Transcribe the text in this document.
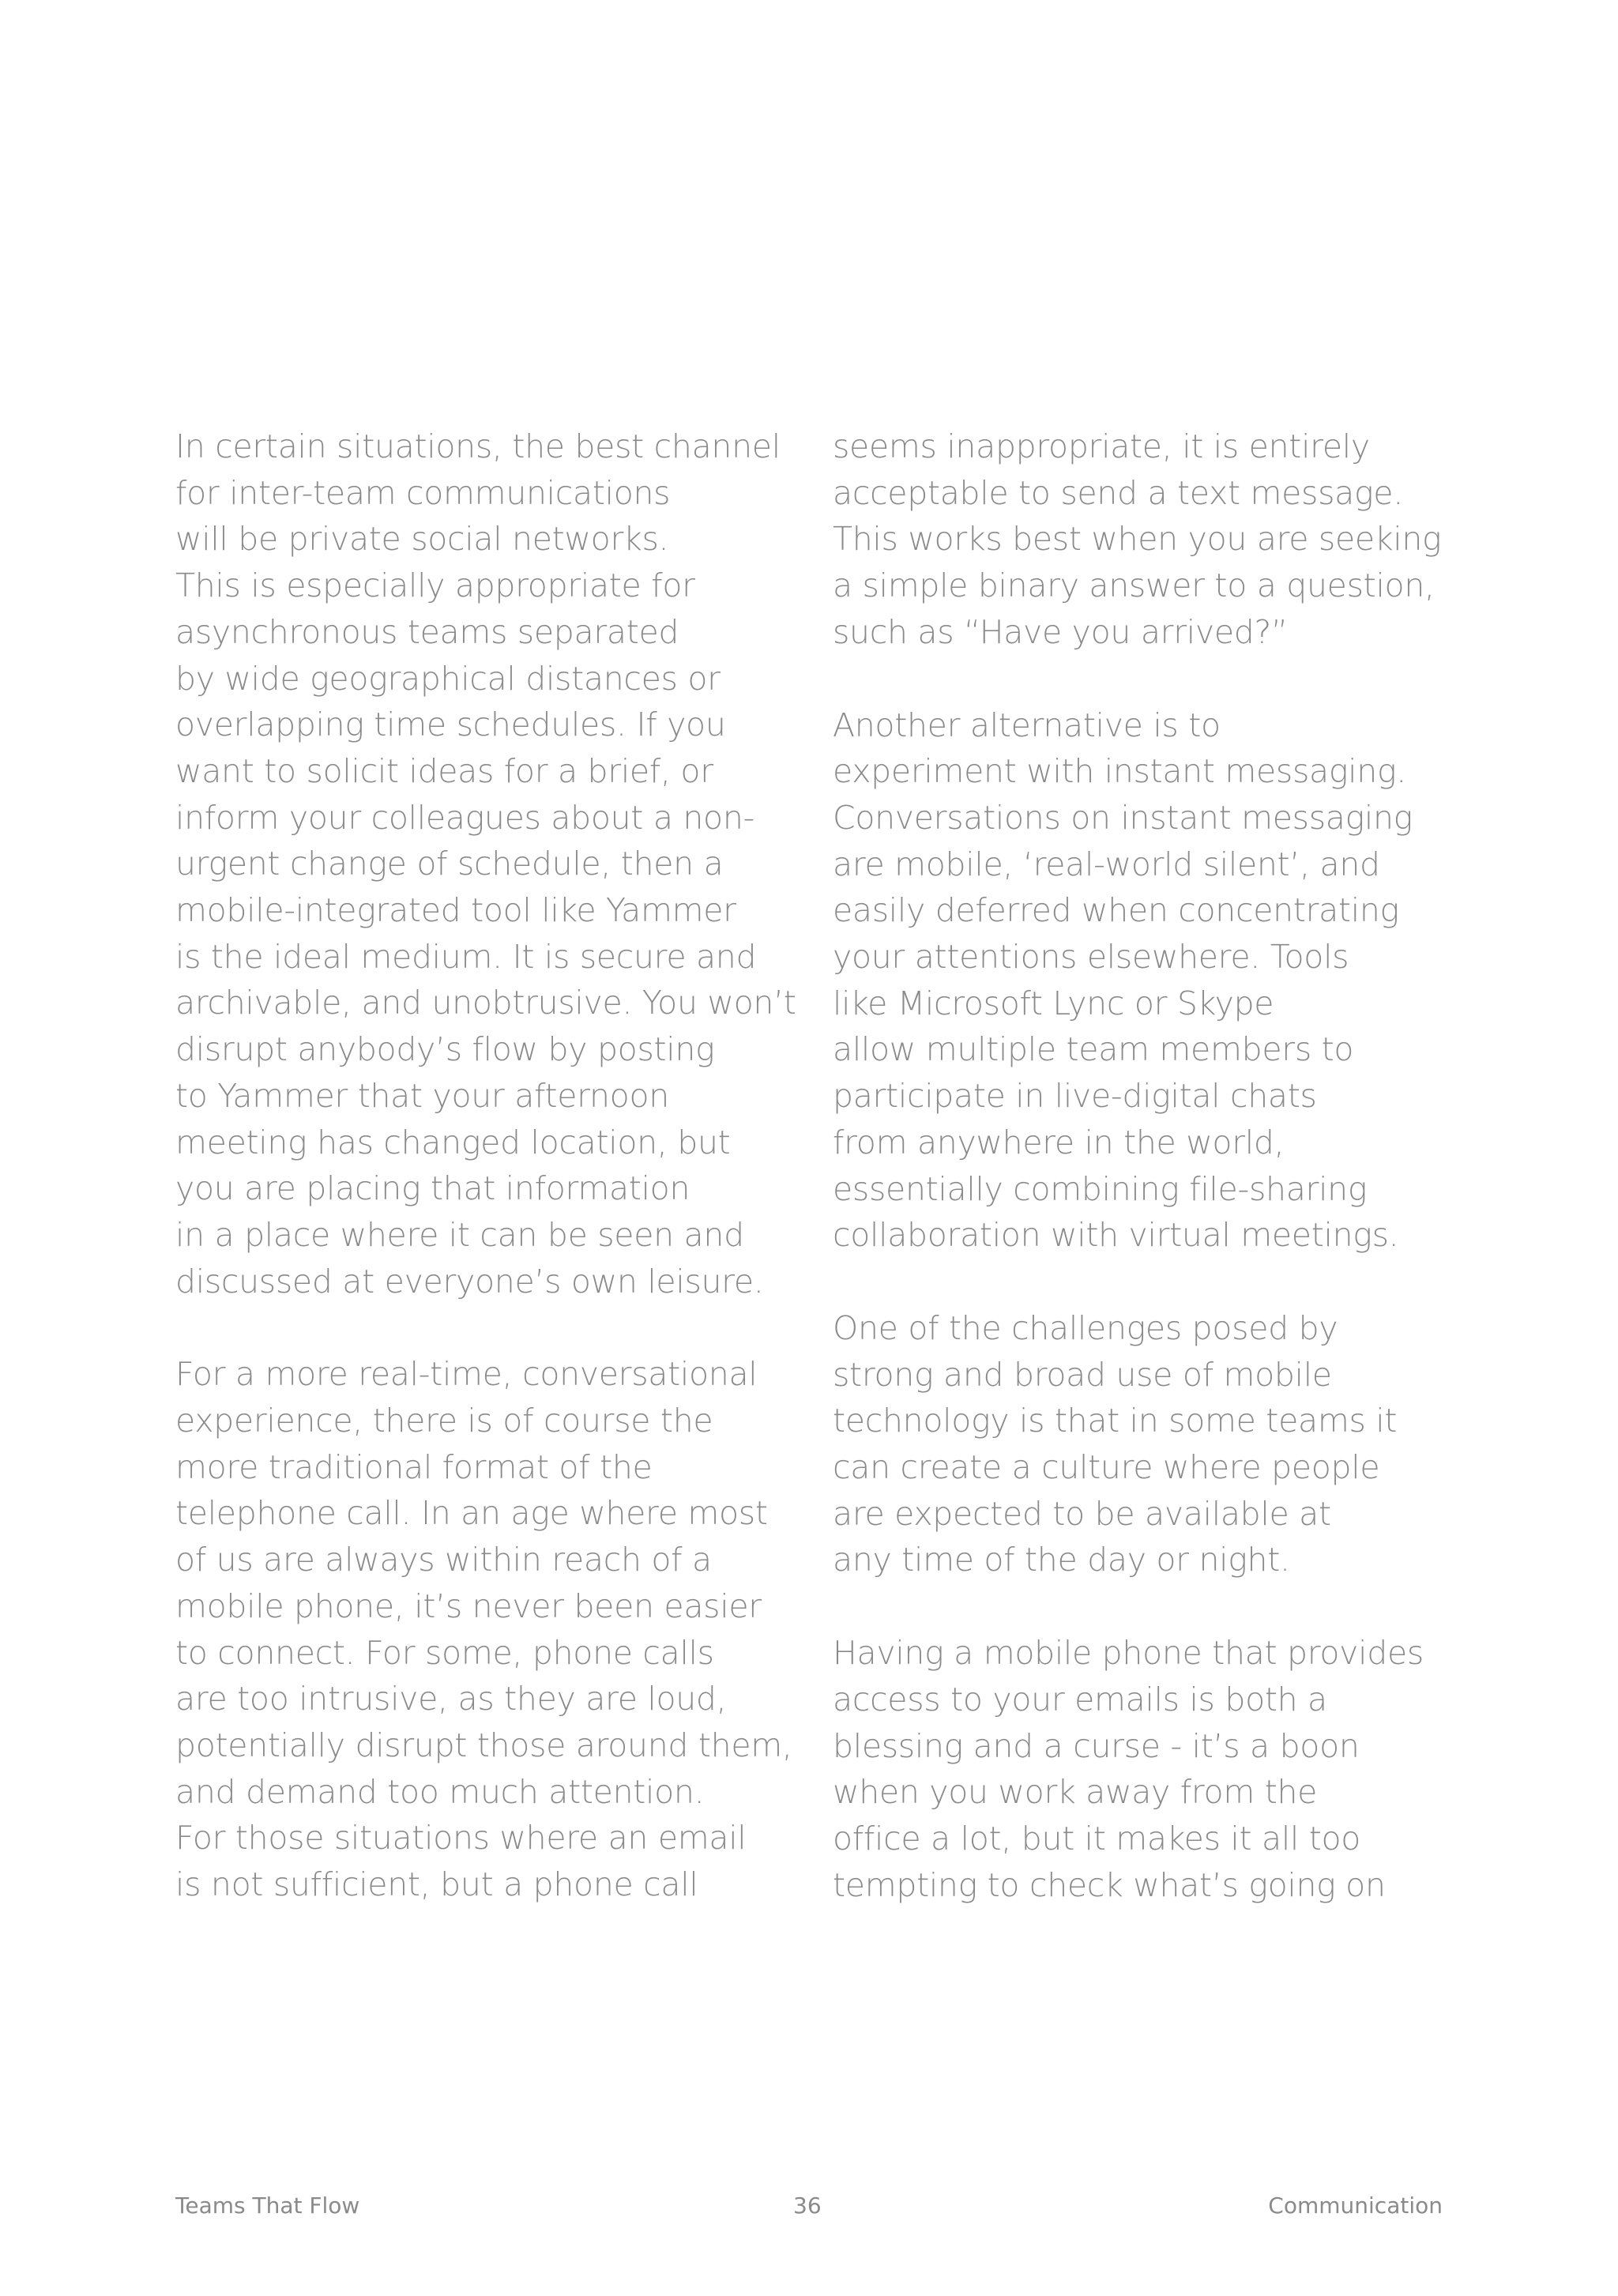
In certain situations, the best channel
for inter-team communications
will be private social networks.
This is especially appropriate for
asynchronous teams separated
by wide geographical distances or
overlapping time schedules. If you
want to solicit ideas for a brief, or
inform your colleagues about a non-
urgent change of schedule, then a
mobile-integrated tool like Yammer
is the ideal medium. It is secure and
archivable, and unobtrusive. You won’t
disrupt anybody’s flow by posting
to Yammer that your afternoon
meeting has changed location, but
you are placing that information
in a place where it can be seen and
discussed at everyone’s own leisure.

For a more real-time, conversational
experience, there is of course the
more traditional format of the
telephone call. In an age where most
of us are always within reach of a
mobile phone, it’s never been easier
to connect. For some, phone calls
are too intrusive, as they are loud,
potentially disrupt those around them,
and demand too much attention.
For those situations where an email
is not sufficient, but a phone call

seems inappropriate, it is entirely
acceptable to send a text message.
This works best when you are seeking
a simple binary answer to a question,
such as “Have you arrived?”

Another alternative is to
experiment with instant messaging.
Conversations on instant messaging
are mobile, ‘real-world silent’, and
easily deferred when concentrating
your attentions elsewhere. Tools
like Microsoft Lync or Skype
allow multiple team members to
participate in live-digital chats
from anywhere in the world,
essentially combining file-sharing
collaboration with virtual meetings.

One of the challenges posed by
strong and broad use of mobile
technology is that in some teams it
can create a culture where people
are expected to be available at
any time of the day or night.

Having a mobile phone that provides
access to your emails is both a
blessing and a curse - it’s a boon
when you work away from the
office a lot, but it makes it all too
tempting to check what’s going on

Teams That Flow	36	Communication
